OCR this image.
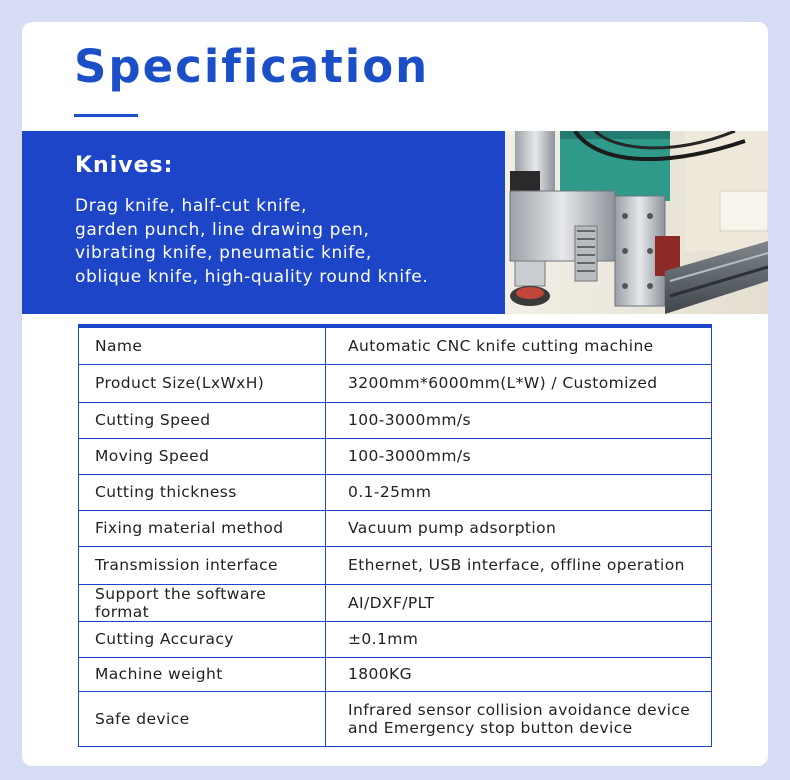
Specification
Knives:
Drag knife, half-cut knife,
garden punch, line drawing pen,
vibrating knife, pneumatic knife,
oblique knife, high-quality round knife.
Name	Automatic CNC knife cutting machine
Product Size(LxWxH)	3200mm*6000mm(L*W) / Customized
Cutting Speed	100-3000mm/s
Moving Speed	100-3000mm/s
Cutting thickness	0.1-25mm
Fixing material method	Vacuum pump adsorption
Transmission interface	Ethernet, USB interface, offline operation
Support the software format	AI/DXF/PLT
Cutting Accuracy	±0.1mm
Machine weight	1800KG
Safe device	Infrared sensor collision avoidance device and Emergency stop button device
